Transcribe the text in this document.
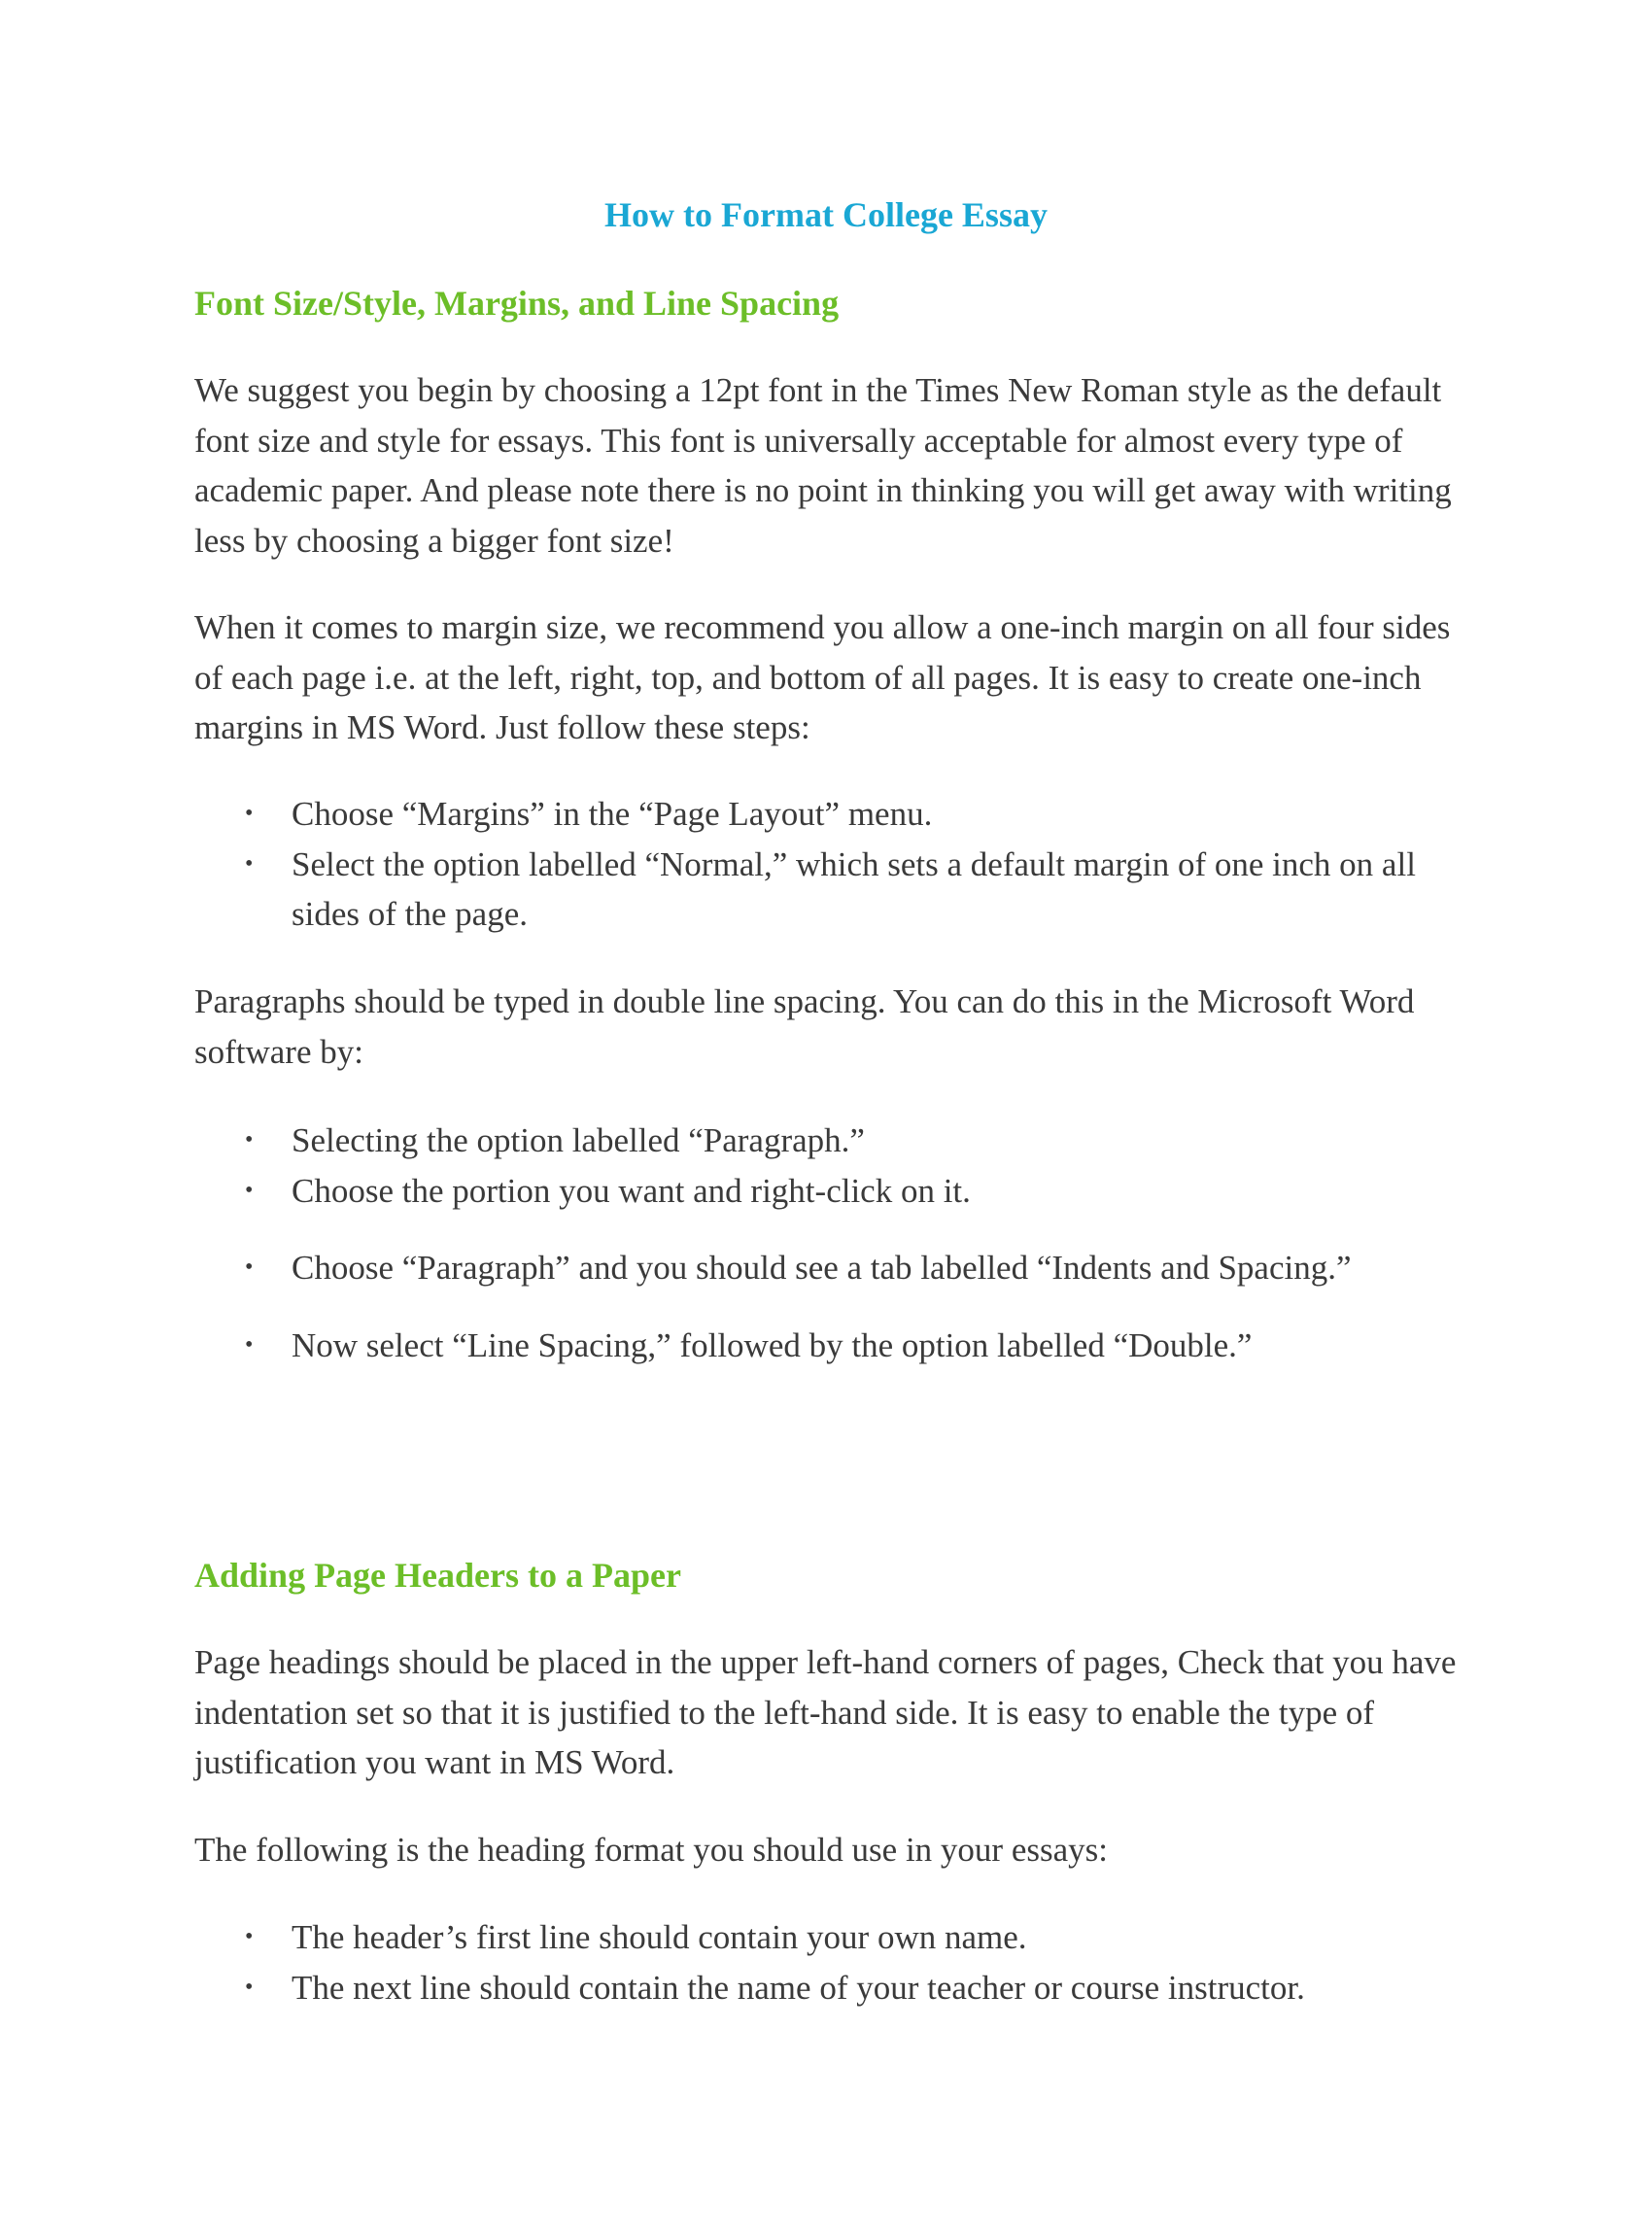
How to Format College Essay
Font Size/Style, Margins, and Line Spacing

We suggest you begin by choosing a 12pt font in the Times New Roman style as the default font size and style for essays. This font is universally acceptable for almost every type of academic paper. And please note there is no point in thinking you will get away with writing less by choosing a bigger font size!

When it comes to margin size, we recommend you allow a one-inch margin on all four sides of each page i.e. at the left, right, top, and bottom of all pages. It is easy to create one-inch margins in MS Word. Just follow these steps:

• Choose “Margins” in the “Page Layout” menu.
• Select the option labelled “Normal,” which sets a default margin of one inch on all sides of the page.

Paragraphs should be typed in double line spacing. You can do this in the Microsoft Word software by:

• Selecting the option labelled “Paragraph.”
• Choose the portion you want and right-click on it.
• Choose “Paragraph” and you should see a tab labelled “Indents and Spacing.”
• Now select “Line Spacing,” followed by the option labelled “Double.”
Adding Page Headers to a Paper

Page headings should be placed in the upper left-hand corners of pages, Check that you have indentation set so that it is justified to the left-hand side. It is easy to enable the type of justification you want in MS Word.

The following is the heading format you should use in your essays:

• The header’s first line should contain your own name.
• The next line should contain the name of your teacher or course instructor.
